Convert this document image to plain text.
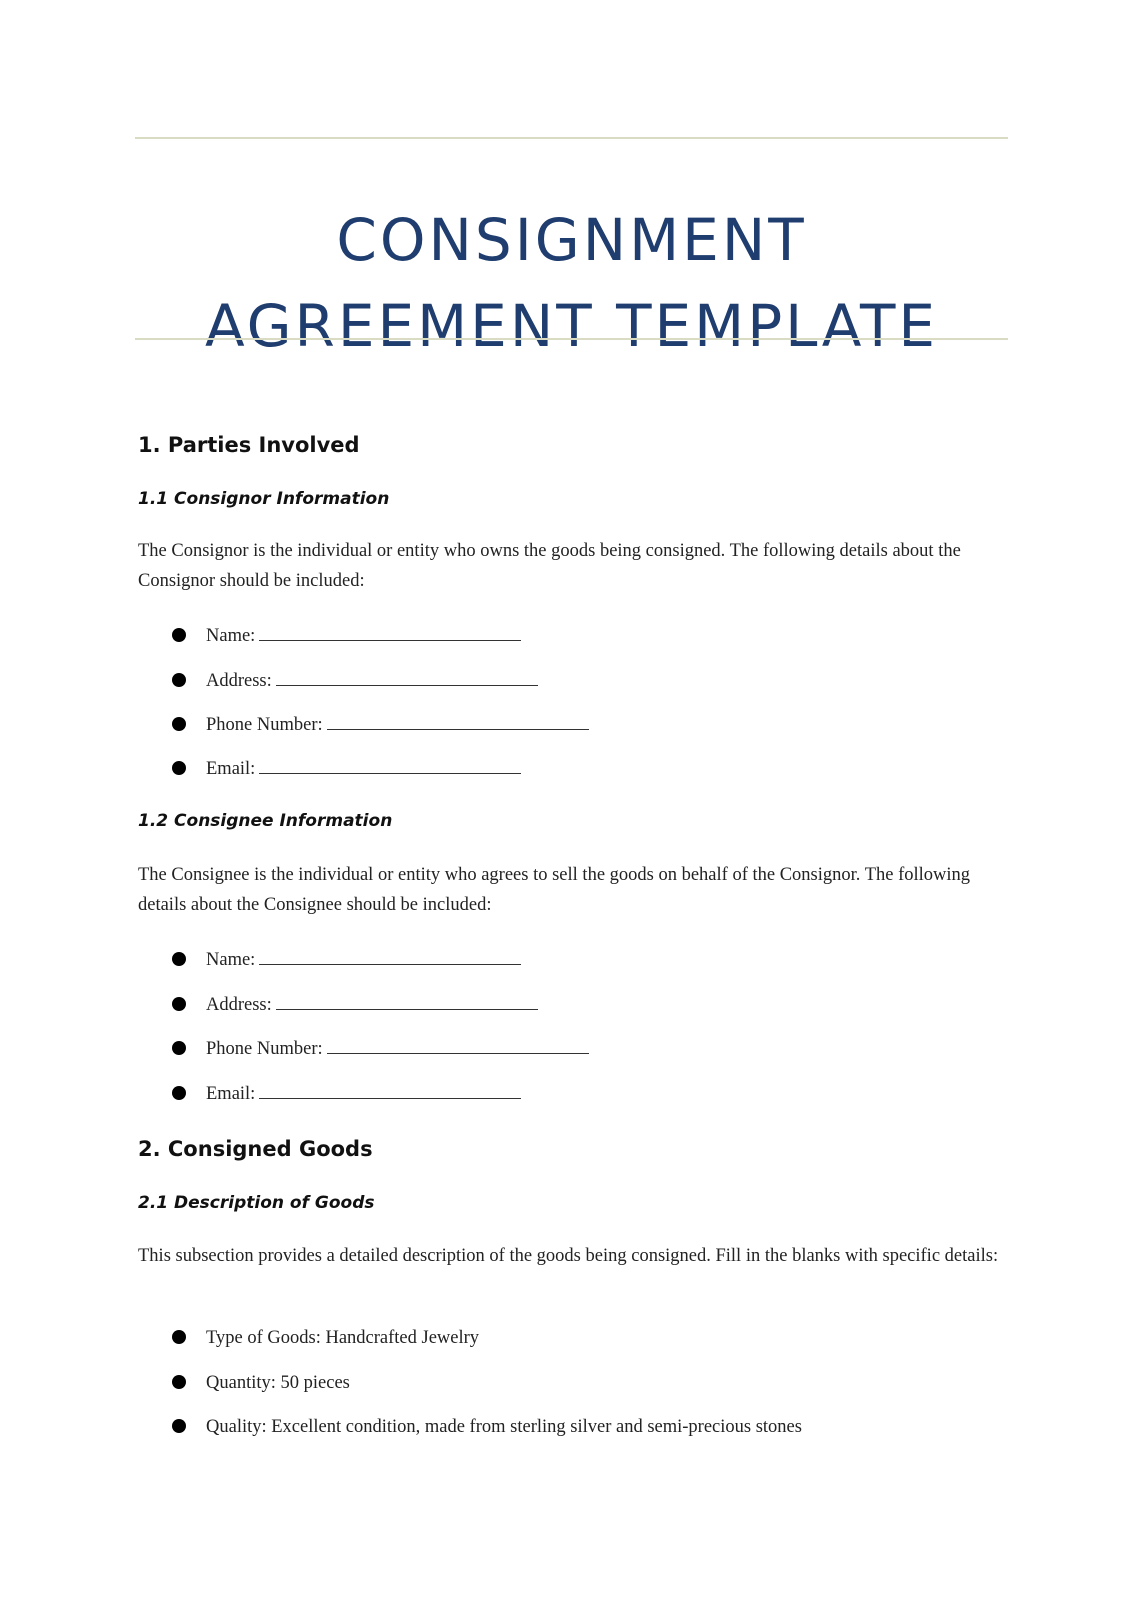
CONSIGNMENT
AGREEMENT TEMPLATE
1. Parties Involved
1.1 Consignor Information

The Consignor is the individual or entity who owns the goods being consigned. The following details about the Consignor should be included:

Name:
Address:
Phone Number:
Email:
1.2 Consignee Information

The Consignee is the individual or entity who agrees to sell the goods on behalf of the Consignor. The following details about the Consignee should be included:

Name:
Address:
Phone Number:
Email:
2. Consigned Goods
2.1 Description of Goods

This subsection provides a detailed description of the goods being consigned. Fill in the blanks with specific details:

Type of Goods: Handcrafted Jewelry
Quantity: 50 pieces
Quality: Excellent condition, made from sterling silver and semi-precious stones
